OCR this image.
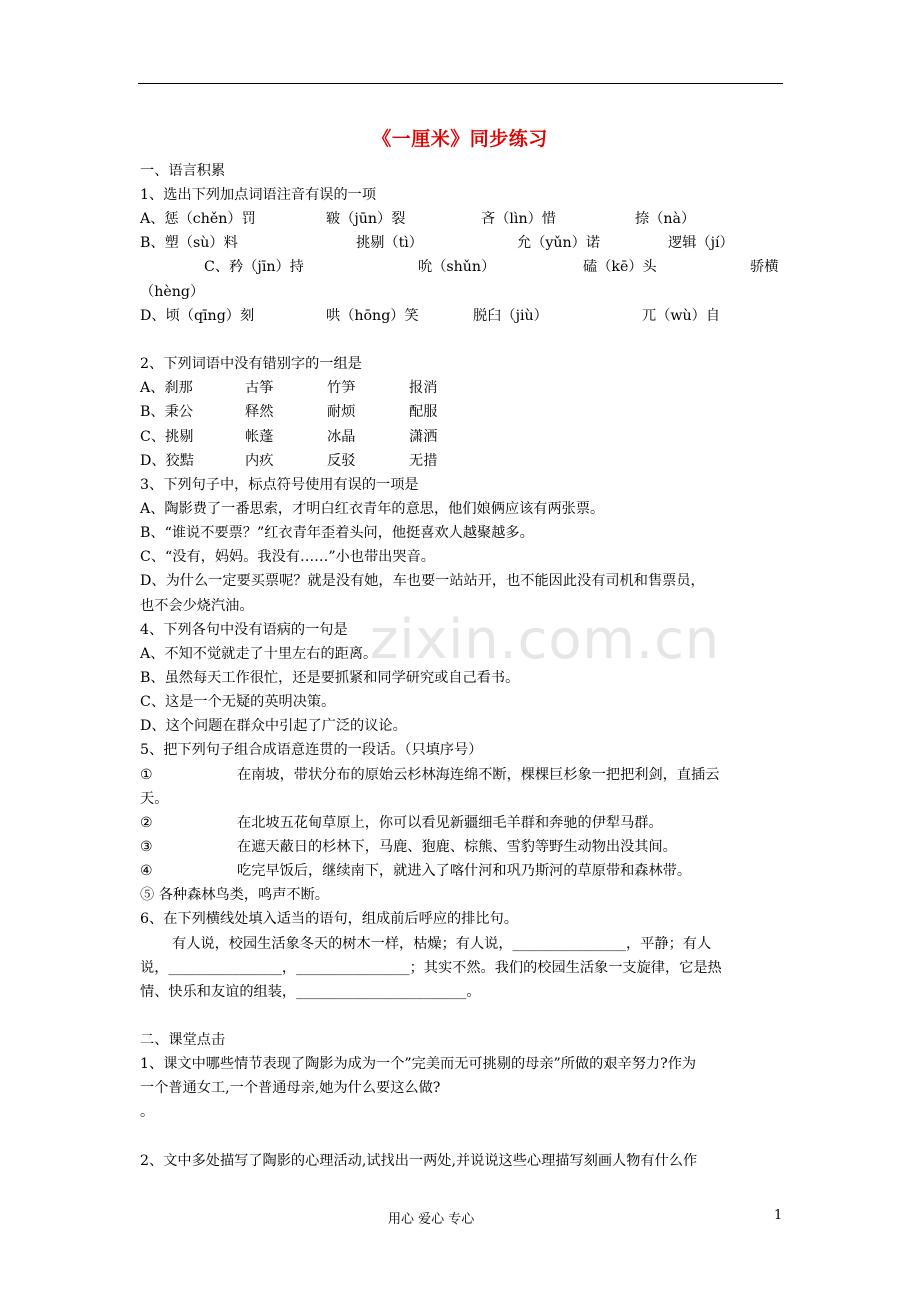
zixin.com.cn
《一厘米》同步练习
一、语言积累
1、选出下列加点词语注音有误的一项
A、惩（chěn）罚	皲（jūn）裂	吝（lìn）惜	捺（nà）
B、塑（sù）料	挑剔（tì）	允（yǔn）诺	逻辑（jí）
C、矜（jīn）持	吮（shǔn）	磕（kē）头	骄横
（hèng）
D、顷（qīng）刻	哄（hōng）笑	脱臼（jiù）	兀（wù）自
2、下列词语中没有错别字的一组是
A、刹那	古筝	竹笋	报消
B、秉公	释然	耐烦	配服
C、挑剔	帐蓬	冰晶	潇洒
D、狡黠	内疚	反驳	无措
3、下列句子中，标点符号使用有误的一项是
A、陶影费了一番思索，才明白红衣青年的意思，他们娘俩应该有两张票。
B、“谁说不要票？”红衣青年歪着头问，他挺喜欢人越聚越多。
C、“没有，妈妈。我没有……”小也带出哭音。
D、为什么一定要买票呢？就是没有她，车也要一站站开，也不能因此没有司机和售票员，
也不会少烧汽油。
4、下列各句中没有语病的一句是
A、不知不觉就走了十里左右的距离。
B、虽然每天工作很忙，还是要抓紧和同学研究或自己看书。
C、这是一个无疑的英明决策。
D、这个问题在群众中引起了广泛的议论。
5、把下列句子组合成语意连贯的一段话。（只填序号）
①	在南坡，带状分布的原始云杉林海连绵不断，棵棵巨杉象一把把利剑，直插云
天。
②	在北坡五花甸草原上，你可以看见新疆细毛羊群和奔驰的伊犁马群。
③	在遮天蔽日的杉林下，马鹿、狍鹿、棕熊、雪豹等野生动物出没其间。
④	吃完早饭后，继续南下，就进入了喀什河和巩乃斯河的草原带和森林带。
⑤ 各种森林鸟类，鸣声不断。
6、在下列横线处填入适当的语句，组成前后呼应的排比句。
有人说，校园生活象冬天的树木一样，枯燥；有人说，________________，平静；有人
说，________________，________________；其实不然。我们的校园生活象一支旋律，它是热
情、快乐和友谊的组装，________________________。
二、课堂点击
1、课文中哪些情节表现了陶影为成为一个”完美而无可挑剔的母亲”所做的艰辛努力?作为
一个普通女工,一个普通母亲,她为什么要这么做?
。
2、文中多处描写了陶影的心理活动,试找出一两处,并说说这些心理描写刻画人物有什么作
用心 爱心 专心	1
